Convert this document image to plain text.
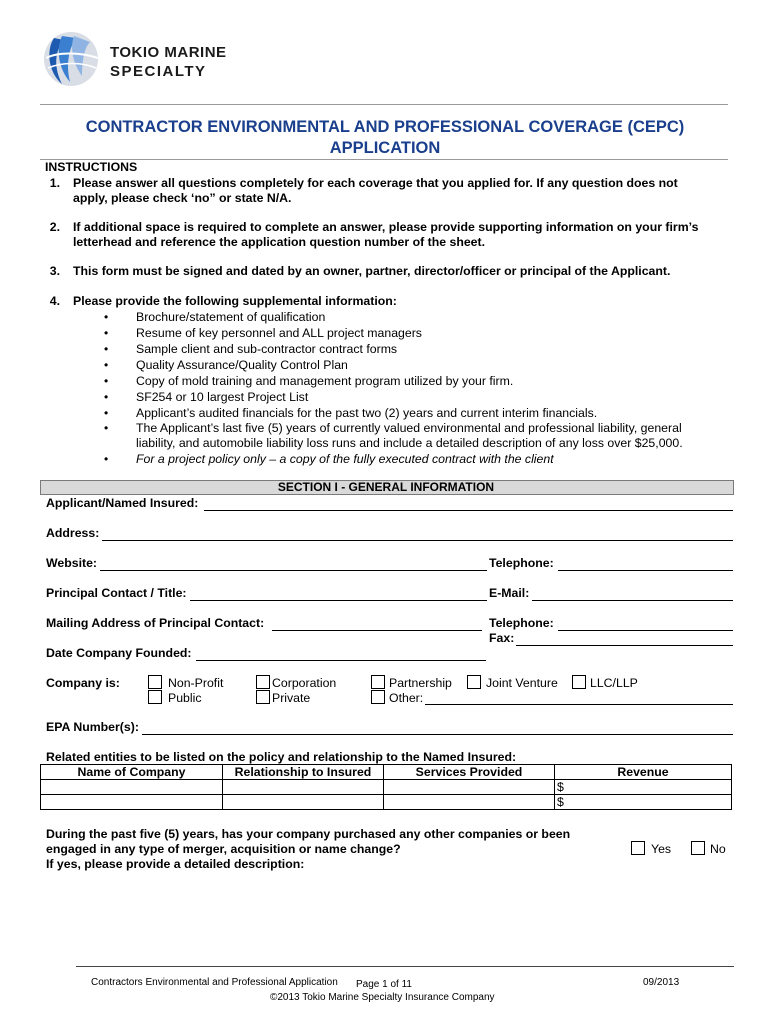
TOKIO MARINE
SPECIALTY
CONTRACTOR ENVIRONMENTAL AND PROFESSIONAL COVERAGE (CEPC)
APPLICATION
INSTRUCTIONS
1. Please answer all questions completely for each coverage that you applied for. If any question does not
apply, please check ‘no” or state N/A.
2. If additional space is required to complete an answer, please provide supporting information on your firm’s
letterhead and reference the application question number of the sheet.
3. This form must be signed and dated by an owner, partner, director/officer or principal of the Applicant.
4. Please provide the following supplemental information:
•	Brochure/statement of qualification
•	Resume of key personnel and ALL project managers
•	Sample client and sub-contractor contract forms
•	Quality Assurance/Quality Control Plan
•	Copy of mold training and management program utilized by your firm.
•	SF254 or 10 largest Project List
•	Applicant’s audited financials for the past two (2) years and current interim financials.
•	The Applicant’s last five (5) years of currently valued environmental and professional liability, general
liability, and automobile liability loss runs and include a detailed description of any loss over $25,000.
•	For a project policy only – a copy of the fully executed contract with the client
SECTION I - GENERAL INFORMATION
Applicant/Named Insured:
Address:
Website:	Telephone:
Principal Contact / Title:	E-Mail:
Mailing Address of Principal Contact:	Telephone:
Fax:
Date Company Founded:
Company is:	Non-Profit
Public
Corporation
Private
Partnership
Other:
Joint Venture	LLC/LLP
EPA Number(s):
Related entities to be listed on the policy and relationship to the Named Insured:
Name of Company	Relationship to Insured	Services Provided	Revenue
			$
			$
During the past five (5) years, has your company purchased any other companies or been
engaged in any type of merger, acquisition or name change?
If yes, please provide a detailed description:
Yes	No
Contractors Environmental and Professional Application Page 1 of 11	09/2013
©2013 Tokio Marine Specialty Insurance Company
